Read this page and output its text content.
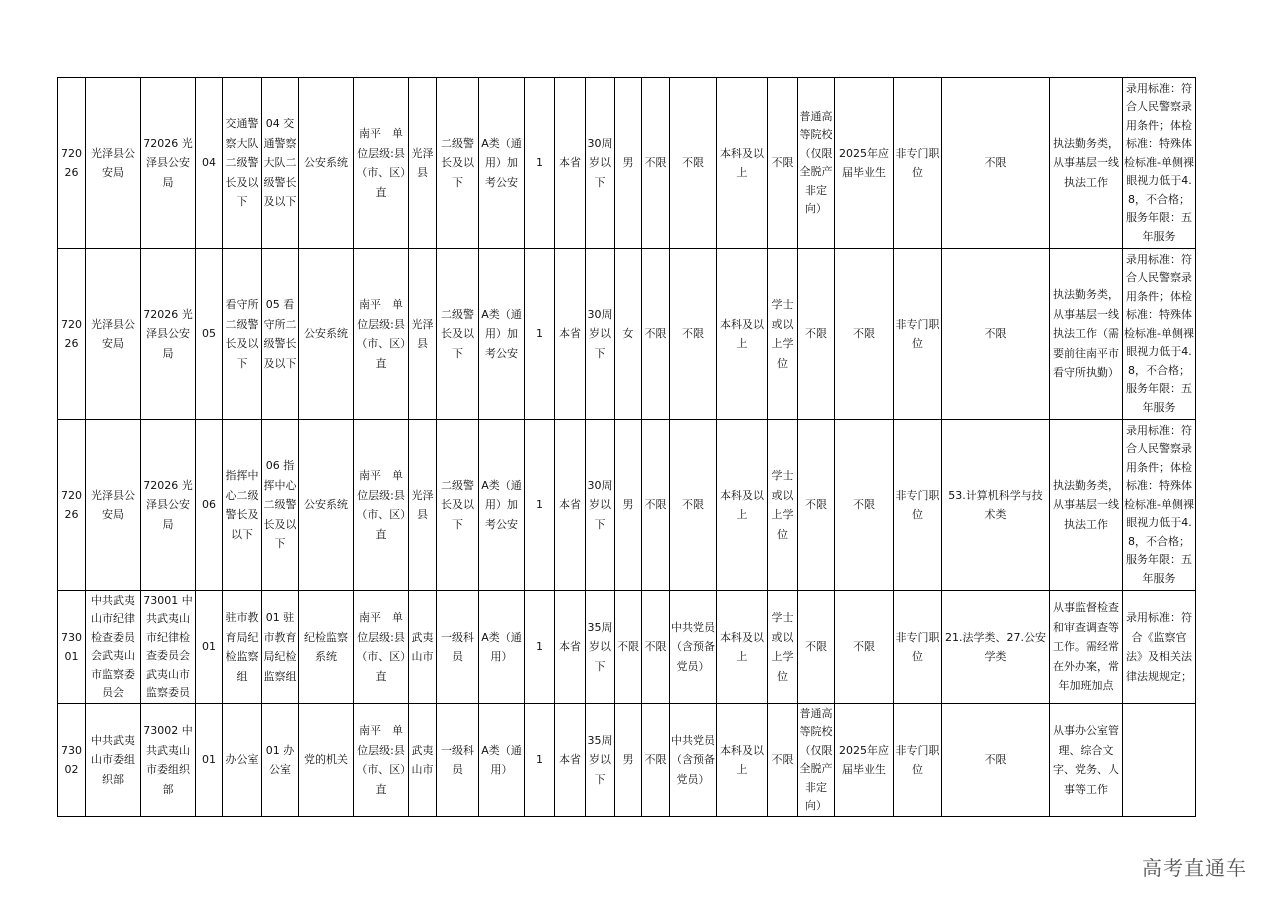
72026	光泽县公安局	72026 光泽县公安局	04	交通警察大队二级警长及以下	04 交通警察大队二级警长及以下	公安系统	南平　单位层级:县（市、区）直	光泽县	二级警长及以下	A类（通用）加考公安	1	本省	30周岁以下	男	不限	不限	本科及以上	不限	普通高等院校（仅限全脱产非定向）	2025年应届毕业生	非专门职位	不限	执法勤务类，从事基层一线执法工作	录用标准：符合人民警察录用条件；体检标准：特殊体检标准-单侧裸眼视力低于4.8，不合格；服务年限：五年服务
72026	光泽县公安局	72026 光泽县公安局	05	看守所二级警长及以下	05 看守所二级警长及以下	公安系统	南平　单位层级:县（市、区）直	光泽县	二级警长及以下	A类（通用）加考公安	1	本省	30周岁以下	女	不限	不限	本科及以上	学士或以上学位	不限	不限	非专门职位	不限	执法勤务类，从事基层一线执法工作（需要前往南平市看守所执勤）	录用标准：符合人民警察录用条件；体检标准：特殊体检标准-单侧裸眼视力低于4.8，不合格；服务年限：五年服务
72026	光泽县公安局	72026 光泽县公安局	06	指挥中心二级警长及以下	06 指挥中心二级警长及以下	公安系统	南平　单位层级:县（市、区）直	光泽县	二级警长及以下	A类（通用）加考公安	1	本省	30周岁以下	男	不限	不限	本科及以上	学士或以上学位	不限	不限	非专门职位	53.计算机科学与技术类	执法勤务类，从事基层一线执法工作	录用标准：符合人民警察录用条件；体检标准：特殊体检标准-单侧裸眼视力低于4.8，不合格；服务年限：五年服务
73001	中共武夷山市纪律检查委员会武夷山市监察委员会	73001 中共武夷山市纪律检查委员会武夷山市监察委员	01	驻市教育局纪检监察组	01 驻市教育局纪检监察组	纪检监察系统	南平　单位层级:县（市、区）直	武夷山市	一级科员	A类（通用）	1	本省	35周岁以下	不限	不限	中共党员（含预备党员）	本科及以上	学士或以上学位	不限	不限	非专门职位	21.法学类、27.公安学类	从事监督检查和审查调查等工作。需经常在外办案，常年加班加点	录用标准：符合《监察官法》及相关法律法规规定；
73002	中共武夷山市委组织部	73002 中共武夷山市委组织部	01	办公室	01 办公室	党的机关	南平　单位层级:县（市、区）直	武夷山市	一级科员	A类（通用）	1	本省	35周岁以下	男	不限	中共党员（含预备党员）	本科及以上	不限	普通高等院校（仅限全脱产非定向）	2025年应届毕业生	非专门职位	不限	从事办公室管理、综合文字、党务、人事等工作	
高考直通车
